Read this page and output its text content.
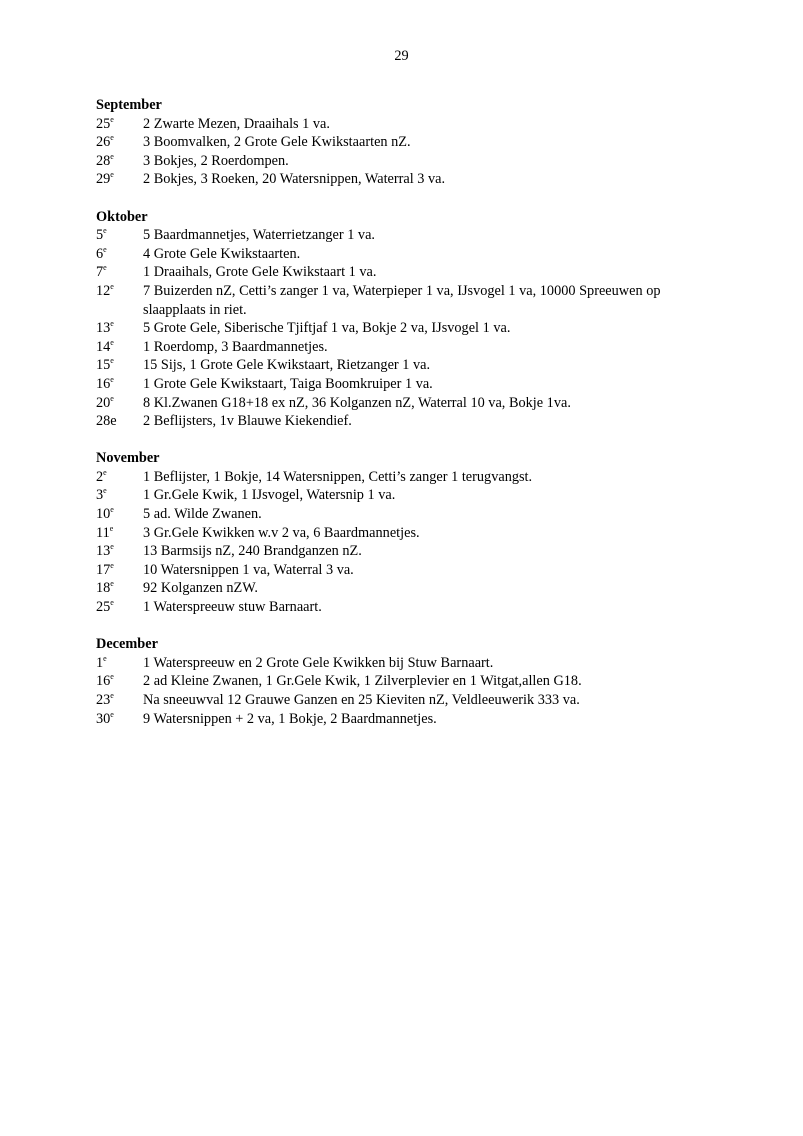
29
September
25e	2 Zwarte Mezen, Draaihals 1 va.
26e	3 Boomvalken, 2 Grote Gele Kwikstaarten nZ.
28e	3 Bokjes, 2 Roerdompen.
29e	2 Bokjes, 3 Roeken, 20 Watersnippen, Waterral 3 va.
Oktober
5e	5 Baardmannetjes, Waterrietzanger 1 va.
6e	4 Grote Gele Kwikstaarten.
7e	1 Draaihals, Grote Gele Kwikstaart 1 va.
12e	7 Buizerden nZ, Cetti’s zanger 1 va, Waterpieper 1 va, IJsvogel 1 va, 10000 Spreeuwen op slaapplaats in riet.
13e	5 Grote Gele, Siberische Tjiftjaf 1 va, Bokje 2 va, IJsvogel 1 va.
14e	1 Roerdomp, 3 Baardmannetjes.
15e	15 Sijs, 1 Grote Gele Kwikstaart, Rietzanger 1 va.
16e	1 Grote Gele Kwikstaart, Taiga Boomkruiper 1 va.
20e	8 Kl.Zwanen G18+18 ex nZ, 36 Kolganzen nZ, Waterral 10 va, Bokje 1va.
28e	2 Beflijsters, 1v Blauwe Kiekendief.
November
2e	1 Beflijster, 1 Bokje, 14 Watersnippen, Cetti’s zanger 1 terugvangst.
3e	1 Gr.Gele Kwik, 1 IJsvogel, Watersnip 1 va.
10e	5 ad. Wilde Zwanen.
11e	3 Gr.Gele Kwikken w.v 2 va, 6 Baardmannetjes.
13e	13 Barmsijs nZ, 240 Brandganzen nZ.
17e	10 Watersnippen 1 va, Waterral 3 va.
18e	92 Kolganzen nZW.
25e	1 Waterspreeuw stuw Barnaart.
December
1e	1 Waterspreeuw en 2 Grote Gele Kwikken bij Stuw Barnaart.
16e	2 ad Kleine Zwanen, 1 Gr.Gele Kwik, 1 Zilverplevier en 1 Witgat,allen G18.
23e	Na sneeuwval 12 Grauwe Ganzen en 25 Kieviten nZ, Veldleeuwerik 333 va.
30e	9 Watersnippen + 2 va, 1 Bokje, 2 Baardmannetjes.
